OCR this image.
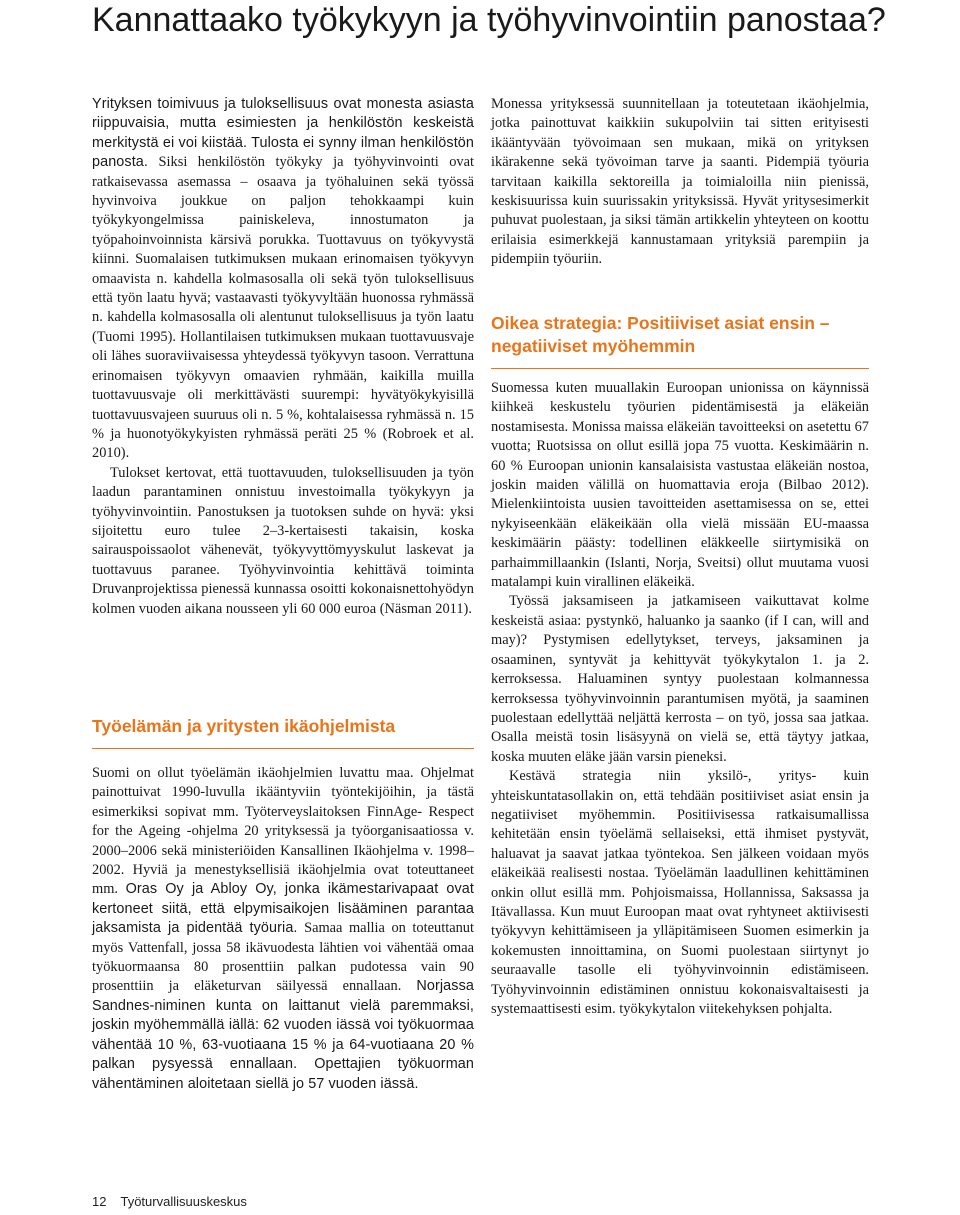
Kannattaako työkykyyn ja työhyvinvointiin panostaa?

Yrityksen toimivuus ja tuloksellisuus ovat monesta asiasta riippuvaisia, mutta esimiesten ja henkilöstön keskeistä merkitystä ei voi kiistää. Tulosta ei synny ilman henkilöstön panosta. Siksi henkilöstön työkyky ja työhyvinvointi ovat ratkaisevassa asemassa – osaava ja työhaluinen sekä työssä hyvinvoiva joukkue on paljon tehokkaampi kuin työkykyongelmissa painiskeleva, innostumaton ja työpahoinvoinnista kärsivä porukka. Tuottavuus on työkyvystä kiinni. Suomalaisen tutkimuksen mukaan erinomaisen työkyvyn omaavista n. kahdella kolmasosalla oli sekä työn tuloksellisuus että työn laatu hyvä; vastaavasti työkyvyltään huonossa ryhmässä n. kahdella kolmasosalla oli alentunut tuloksellisuus ja työn laatu (Tuomi 1995). Hollantilaisen tutkimuksen mukaan tuottavuusvaje oli lähes suoraviivaisessa yhteydessä työkyvyn tasoon. Verrattuna erinomaisen työkyvyn omaavien ryhmään, kaikilla muilla tuottavuusvaje oli merkittävästi suurempi: hyvätyökykyisillä tuottavuusvajeen suuruus oli n. 5 %, kohtalaisessa ryhmässä n. 15 % ja huonotyökykyisten ryhmässä peräti 25 % (Robroek et al. 2010).

Tulokset kertovat, että tuottavuuden, tuloksellisuuden ja työn laadun parantaminen onnistuu investoimalla työkykyyn ja työhyvinvointiin. Panostuksen ja tuotoksen suhde on hyvä: yksi sijoitettu euro tulee 2–3-kertaisesti takaisin, koska sairauspoissaolot vähenevät, työkyvyttömyyskulut laskevat ja tuottavuus paranee. Työhyvinvointia kehittävä toiminta Druvanprojektissa pienessä kunnassa osoitti kokonaisnettohyödyn kolmen vuoden aikana nousseen yli 60 000 euroa (Näsman 2011).

Työelämän ja yritysten ikäohjelmista

Suomi on ollut työelämän ikäohjelmien luvattu maa. Ohjelmat painottuivat 1990-luvulla ikääntyviin työntekijöihin, ja tästä esimerkiksi sopivat mm. Työterveyslaitoksen FinnAge- Respect for the Ageing -ohjelma 20 yrityksessä ja työorganisaatiossa v. 2000–2006 sekä ministeriöiden Kansallinen Ikäohjelma v. 1998–2002. Hyviä ja menestyksellisiä ikäohjelmia ovat toteuttaneet mm. Oras Oy ja Abloy Oy, jonka ikämestarivapaat ovat kertoneet siitä, että elpymisaikojen lisääminen parantaa jaksamista ja pidentää työuria. Samaa mallia on toteuttanut myös Vattenfall, jossa 58 ikävuodesta lähtien voi vähentää omaa työkuormaansa 80 prosenttiin palkan pudotessa vain 90 prosenttiin ja eläketurvan säilyessä ennallaan. Norjassa Sandnes-niminen kunta on laittanut vielä paremmaksi, joskin myöhemmällä iällä: 62 vuoden iässä voi työkuormaa vähentää 10 %, 63-vuotiaana 15 % ja 64-vuotiaana 20 % palkan pysyessä ennallaan. Opettajien työkuorman vähentäminen aloitetaan siellä jo 57 vuoden iässä.

Monessa yrityksessä suunnitellaan ja toteutetaan ikäohjelmia, jotka painottuvat kaikkiin sukupolviin tai sitten erityisesti ikääntyvään työvoimaan sen mukaan, mikä on yrityksen ikärakenne sekä työvoiman tarve ja saanti. Pidempiä työuria tarvitaan kaikilla sektoreilla ja toimialoilla niin pienissä, keskisuurissa kuin suurissakin yrityksissä. Hyvät yritysesimerkit puhuvat puolestaan, ja siksi tämän artikkelin yhteyteen on koottu erilaisia esimerkkejä kannustamaan yrityksiä parempiin ja pidempiin työuriin.

Oikea strategia: Positiiviset asiat ensin – negatiiviset myöhemmin

Suomessa kuten muuallakin Euroopan unionissa on käynnissä kiihkeä keskustelu työurien pidentämisestä ja eläkeiän nostamisesta. Monissa maissa eläkeiän tavoitteeksi on asetettu 67 vuotta; Ruotsissa on ollut esillä jopa 75 vuotta. Keskimäärin n. 60 % Euroopan unionin kansalaisista vastustaa eläkeiän nostoa, joskin maiden välillä on huomattavia eroja (Bilbao 2012). Mielenkiintoista uusien tavoitteiden asettamisessa on se, ettei nykyiseenkään eläkeikään olla vielä missään EU-maassa keskimäärin päästy: todellinen eläkkeelle siirtymisikä on parhaimmillaankin (Islanti, Norja, Sveitsi) ollut muutama vuosi matalampi kuin virallinen eläkeikä.

Työssä jaksamiseen ja jatkamiseen vaikuttavat kolme keskeistä asiaa: pystynkö, haluanko ja saanko (if I can, will and may)? Pystymisen edellytykset, terveys, jaksaminen ja osaaminen, syntyvät ja kehittyvät työkykytalon 1. ja 2. kerroksessa. Haluaminen syntyy puolestaan kolmannessa kerroksessa työhyvinvoinnin parantumisen myötä, ja saaminen puolestaan edellyttää neljättä kerrosta – on työ, jossa saa jatkaa. Osalla meistä tosin lisäsyynä on vielä se, että täytyy jatkaa, koska muuten eläke jään varsin pieneksi.

Kestävä strategia niin yksilö-, yritys- kuin yhteiskuntatasollakin on, että tehdään positiiviset asiat ensin ja negatiiviset myöhemmin. Positiivisessa ratkaisumallissa kehitetään ensin työelämä sellaiseksi, että ihmiset pystyvät, haluavat ja saavat jatkaa työntekoa. Sen jälkeen voidaan myös eläkeikää realisesti nostaa. Työelämän laadullinen kehittäminen onkin ollut esillä mm. Pohjoismaissa, Hollannissa, Saksassa ja Itävallassa. Kun muut Euroopan maat ovat ryhtyneet aktiivisesti työkyvyn kehittämiseen ja ylläpitämiseen Suomen esimerkin ja kokemusten innoittamina, on Suomi puolestaan siirtynyt jo seuraavalle tasolle eli työhyvinvoinnin edistämiseen. Työhyvinvoinnin edistäminen onnistuu kokonaisvaltaisesti ja systemaattisesti esim. työkykytalon viitekehyksen pohjalta.

12 Työturvallisuuskeskus
